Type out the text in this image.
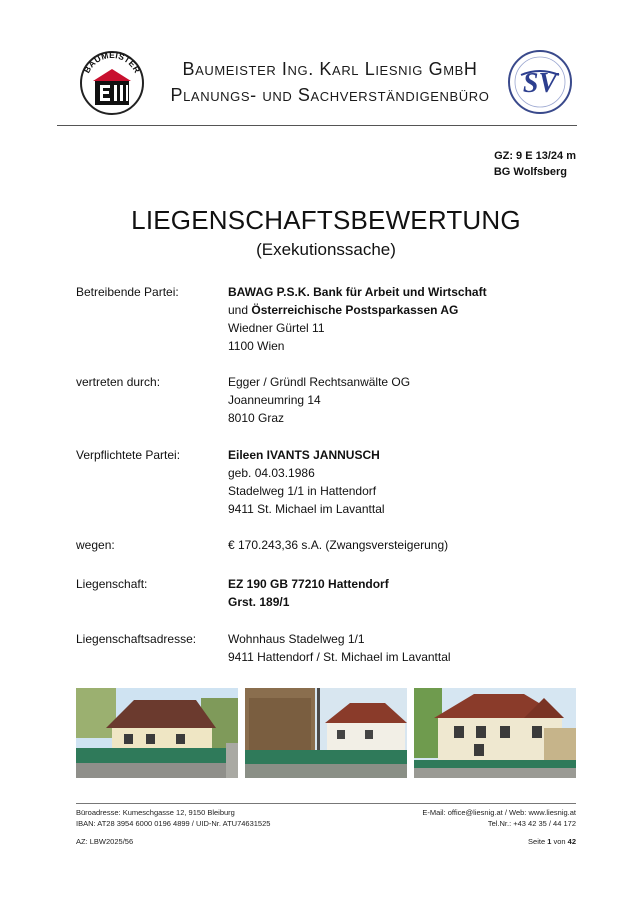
BAUMEISTER	Baumeister Ing. Karl Liesnig GmbH
Planungs- und Sachverständigenbüro	SV
GZ: 9 E 13/24 m
BG Wolfsberg
LIEGENSCHAFTSBEWERTUNG
(Exekutionssache)
Betreibende Partei:	BAWAG P.S.K. Bank für Arbeit und Wirtschaft
und Österreichische Postsparkassen AG
Wiedner Gürtel 11
1100 Wien
vertreten durch:	Egger / Gründl Rechtsanwälte OG
Joanneumring 14
8010 Graz
Verpflichtete Partei:	Eileen IVANTS JANNUSCH
geb. 04.03.1986
Stadelweg 1/1 in Hattendorf
9411 St. Michael im Lavanttal
wegen:	€ 170.243,36 s.A. (Zwangsversteigerung)
Liegenschaft:	EZ 190 GB 77210 Hattendorf
Grst. 189/1
Liegenschaftsadresse:	Wohnhaus Stadelweg 1/1
9411 Hattendorf / St. Michael im Lavanttal
Büroadresse: Kumeschgasse 12, 9150 Bleiburg
IBAN: AT28 3954 6000 0196 4899 / UID-Nr. ATU74631525
AZ: LBW2025/56
E-Mail: office@liesnig.at / Web: www.liesnig.at
Tel.Nr.: +43 42 35 / 44 172
Seite 1 von 42
